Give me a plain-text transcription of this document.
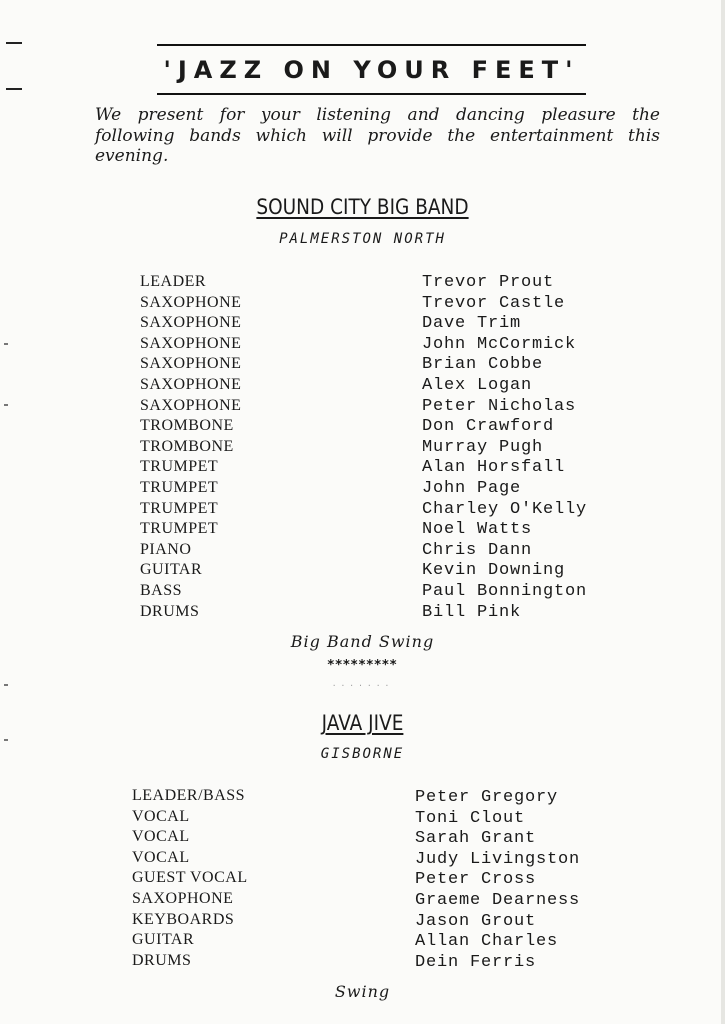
'JAZZ ON YOUR FEET'
We present for your listening and dancing pleasure the following bands which will provide the entertainment this evening.
SOUND CITY BIG BAND
PALMERSTON NORTH
LEADER
SAXOPHONE
SAXOPHONE
SAXOPHONE
SAXOPHONE
SAXOPHONE
SAXOPHONE
TROMBONE
TROMBONE
TRUMPET
TRUMPET
TRUMPET
TRUMPET
PIANO
GUITAR
BASS
DRUMS
Trevor Prout
Trevor Castle
Dave Trim
John McCormick
Brian Cobbe
Alex Logan
Peter Nicholas
Don Crawford
Murray Pugh
Alan Horsfall
John Page
Charley O'Kelly
Noel Watts
Chris Dann
Kevin Downing
Paul Bonnington
Bill Pink
Big Band Swing
*********
.......
JAVA JIVE
GISBORNE
LEADER/BASS
VOCAL
VOCAL
VOCAL
GUEST VOCAL
SAXOPHONE
KEYBOARDS
GUITAR
DRUMS
Peter Gregory
Toni Clout
Sarah Grant
Judy Livingston
Peter Cross
Graeme Dearness
Jason Grout
Allan Charles
Dein Ferris
Swing
